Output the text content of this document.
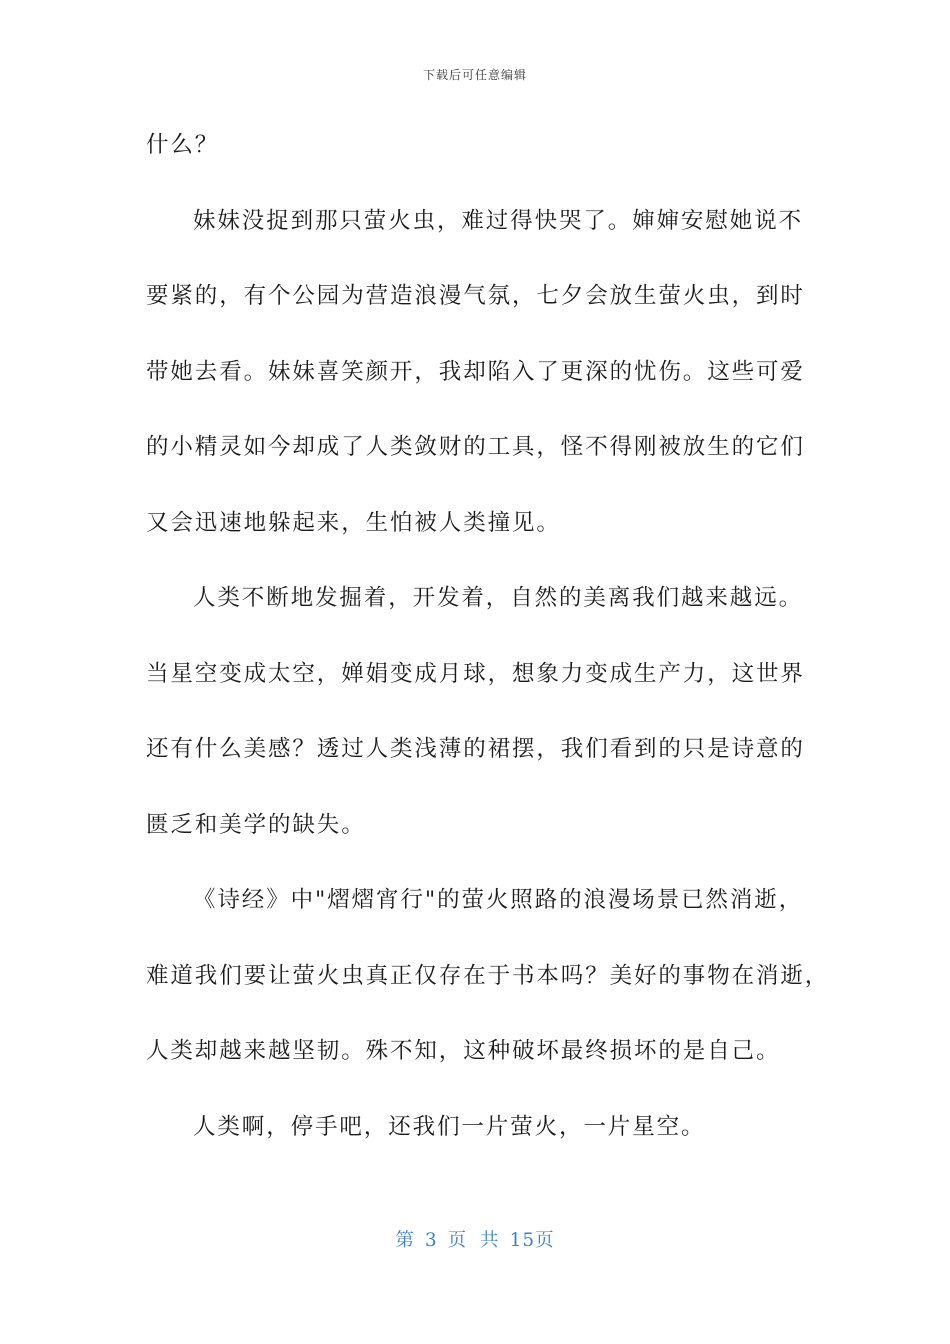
下载后可任意编辑
什么？
妹妹没捉到那只萤火虫，难过得快哭了。婶婶安慰她说不
要紧的，有个公园为营造浪漫气氛，七夕会放生萤火虫，到时
带她去看。妹妹喜笑颜开，我却陷入了更深的忧伤。这些可爱
的小精灵如今却成了人类敛财的工具，怪不得刚被放生的它们
又会迅速地躲起来，生怕被人类撞见。
人类不断地发掘着，开发着，自然的美离我们越来越远。
当星空变成太空，婵娟变成月球，想象力变成生产力，这世界
还有什么美感？透过人类浅薄的裙摆，我们看到的只是诗意的
匮乏和美学的缺失。
《诗经》中"熠熠宵行"的萤火照路的浪漫场景已然消逝，
难道我们要让萤火虫真正仅存在于书本吗？美好的事物在消逝，
人类却越来越坚韧。殊不知，这种破坏最终损坏的是自己。
人类啊，停手吧，还我们一片萤火，一片星空。
第 3 页 共 15页
